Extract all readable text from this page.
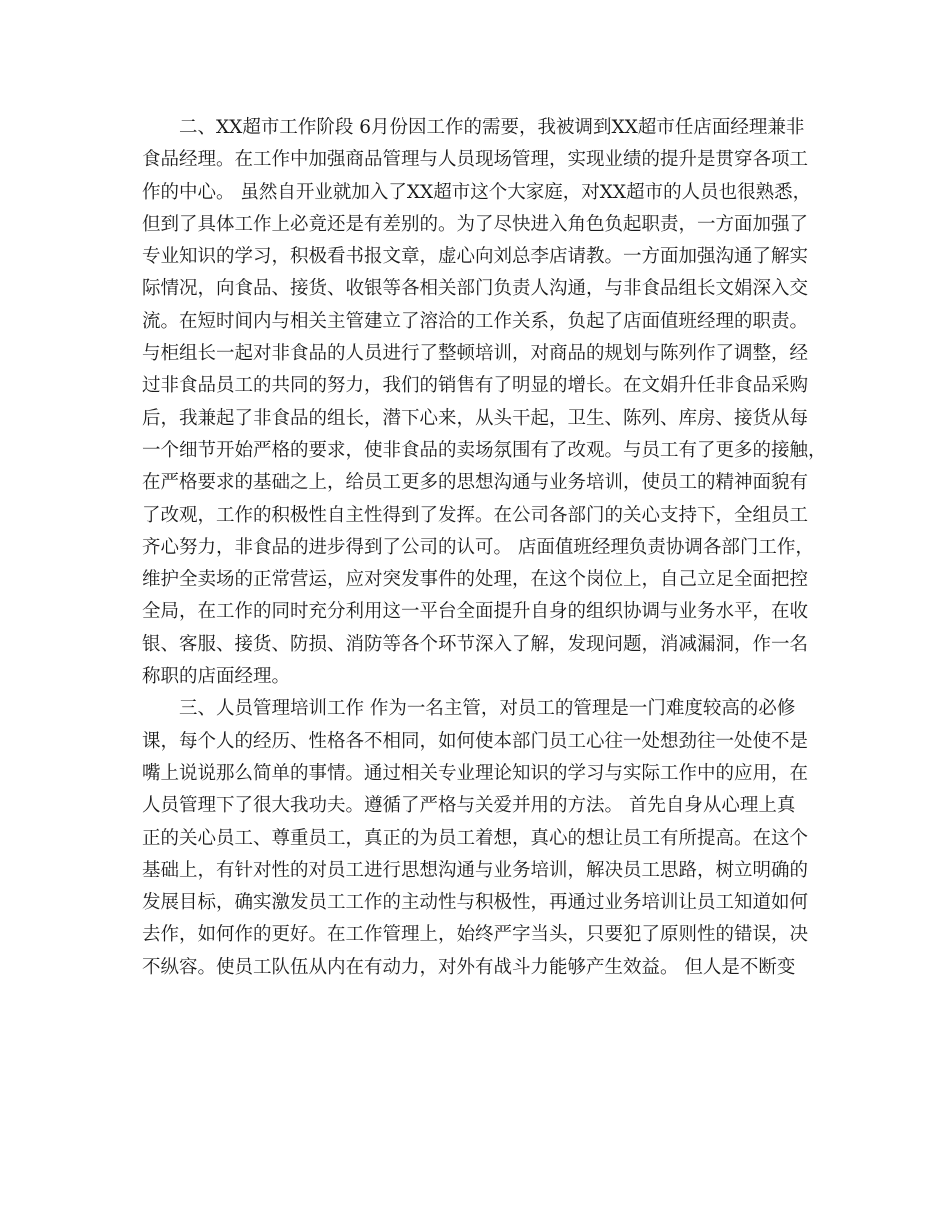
二、XX超市工作阶段 6月份因工作的需要，我被调到XX超市任店面经理兼非
食品经理。在工作中加强商品管理与人员现场管理，实现业绩的提升是贯穿各项工
作的中心。 虽然自开业就加入了XX超市这个大家庭，对XX超市的人员也很熟悉，
但到了具体工作上必竟还是有差别的。为了尽快进入角色负起职责，一方面加强了
专业知识的学习，积极看书报文章，虚心向刘总李店请教。一方面加强沟通了解实
际情况，向食品、接货、收银等各相关部门负责人沟通，与非食品组长文娟深入交
流。在短时间内与相关主管建立了溶洽的工作关系，负起了店面值班经理的职责。
与柜组长一起对非食品的人员进行了整顿培训，对商品的规划与陈列作了调整，经
过非食品员工的共同的努力，我们的销售有了明显的增长。在文娟升任非食品采购
后，我兼起了非食品的组长，潜下心来，从头干起，卫生、陈列、库房、接货从每
一个细节开始严格的要求，使非食品的卖场氛围有了改观。与员工有了更多的接触，
在严格要求的基础之上，给员工更多的思想沟通与业务培训，使员工的精神面貌有
了改观，工作的积极性自主性得到了发挥。在公司各部门的关心支持下，全组员工
齐心努力，非食品的进步得到了公司的认可。 店面值班经理负责协调各部门工作，
维护全卖场的正常营运，应对突发事件的处理，在这个岗位上，自己立足全面把控
全局，在工作的同时充分利用这一平台全面提升自身的组织协调与业务水平，在收
银、客服、接货、防损、消防等各个环节深入了解，发现问题，消减漏洞，作一名
称职的店面经理。
三、人员管理培训工作 作为一名主管，对员工的管理是一门难度较高的必修
课，每个人的经历、性格各不相同，如何使本部门员工心往一处想劲往一处使不是
嘴上说说那么简单的事情。通过相关专业理论知识的学习与实际工作中的应用，在
人员管理下了很大我功夫。遵循了严格与关爱并用的方法。 首先自身从心理上真
正的关心员工、尊重员工，真正的为员工着想，真心的想让员工有所提高。在这个
基础上，有针对性的对员工进行思想沟通与业务培训，解决员工思路，树立明确的
发展目标，确实激发员工工作的主动性与积极性，再通过业务培训让员工知道如何
去作，如何作的更好。在工作管理上，始终严字当头，只要犯了原则性的错误，决
不纵容。使员工队伍从内在有动力，对外有战斗力能够产生效益。 但人是不断变
